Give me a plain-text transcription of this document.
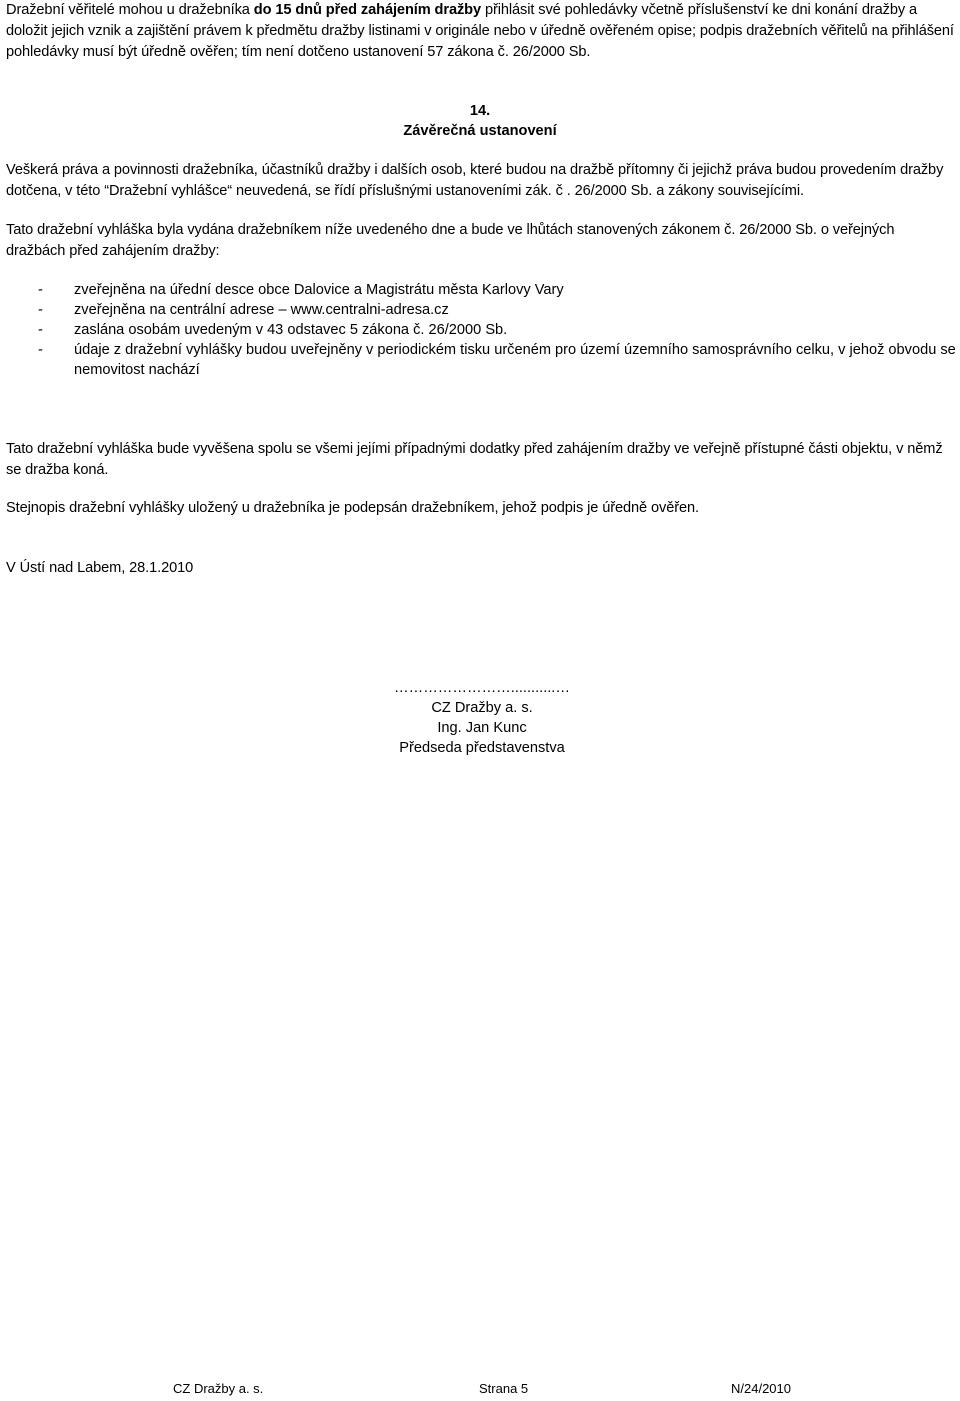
Dražební věřitelé mohou u dražebníka do 15 dnů před zahájením dražby přihlásit své pohledávky včetně příslušenství ke dni konání dražby a doložit jejich vznik a zajištění právem k předmětu dražby listinami v originále nebo v úředně ověřeném opise; podpis dražebních věřitelů na přihlášení pohledávky musí být úředně ověřen; tím není dotčeno ustanovení 57 zákona č. 26/2000 Sb.

14.
Závěrečná ustanovení

Veškerá práva a povinnosti dražebníka, účastníků dražby i dalších osob, které budou na dražbě přítomny či jejichž práva budou provedením dražby dotčena, v této “Dražební vyhlášce“ neuvedená, se řídí příslušnými ustanoveními zák. č . 26/2000 Sb. a zákony souvisejícími.

Tato dražební vyhláška byla vydána dražebníkem níže uvedeného dne a bude ve lhůtách stanovených zákonem č. 26/2000 Sb. o veřejných dražbách před zahájením dražby:

- zveřejněna na úřední desce obce Dalovice a Magistrátu města Karlovy Vary
- zveřejněna na centrální adrese – www.centralni-adresa.cz
- zaslána osobám uvedeným v 43 odstavec 5 zákona č. 26/2000 Sb.
- údaje z dražební vyhlášky budou uveřejněny v periodickém tisku určeném pro území územního samosprávního celku, v jehož obvodu se nemovitost nachází

Tato dražební vyhláška bude vyvěšena spolu se všemi jejími případnými dodatky před zahájením dražby ve veřejně přístupné části objektu, v němž se dražba koná.

Stejnopis dražební vyhlášky uložený u dražebníka je podepsán dražebníkem, jehož podpis je úředně ověřen.

V Ústí nad Labem, 28.1.2010

……………………...........…
CZ Dražby a. s.
Ing. Jan Kunc
Předseda představenstva
CZ Dražby a. s.	Strana 5	N/24/2010
